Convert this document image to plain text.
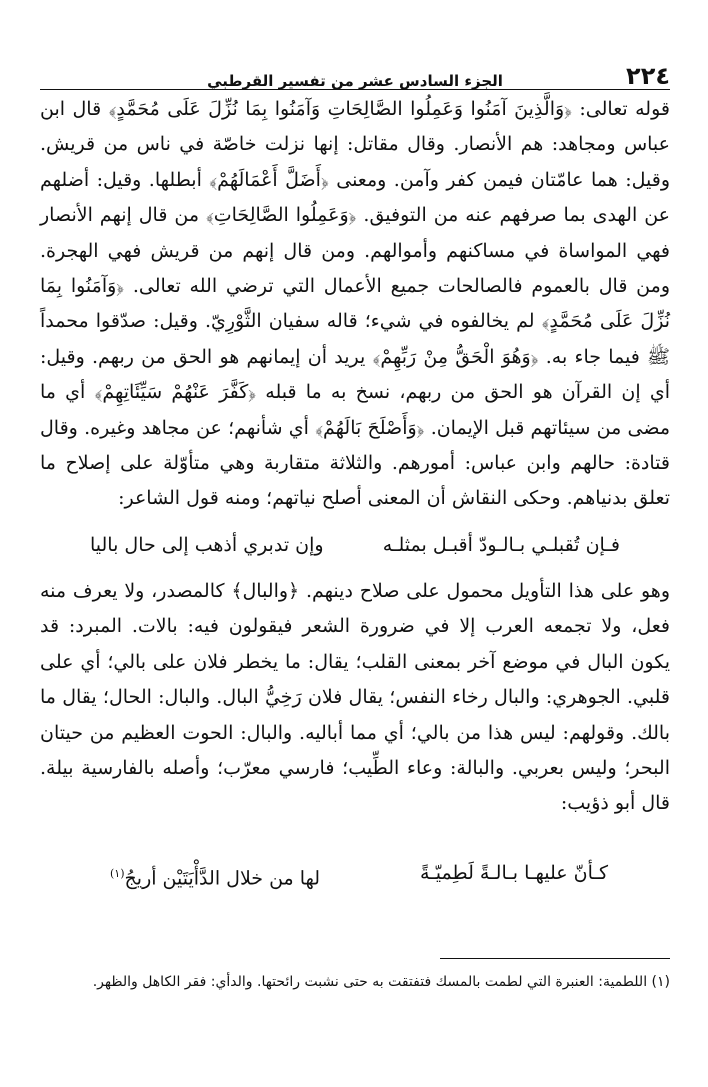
٢٢٤
الجزء السادس عشر من تفسير القرطبي

قوله تعالى: ﴿وَالَّذِينَ آمَنُوا وَعَمِلُوا الصَّالِحَاتِ وَآمَنُوا بِمَا نُزِّلَ عَلَى مُحَمَّدٍ﴾ قال ابن عباس ومجاهد: هم الأنصار. وقال مقاتل: إنها نزلت خاصّة في ناس من قريش. وقيل: هما عامّتان فيمن كفر وآمن. ومعنى ﴿أَضَلَّ أَعْمَالَهُمْ﴾ أبطلها. وقيل: أضلهم عن الهدى بما صرفهم عنه من التوفيق. ﴿وَعَمِلُوا الصَّالِحَاتِ﴾ من قال إنهم الأنصار فهي المواساة في مساكنهم وأموالهم. ومن قال إنهم من قريش فهي الهجرة. ومن قال بالعموم فالصالحات جميع الأعمال التي ترضي الله تعالى. ﴿وَآمَنُوا بِمَا نُزِّلَ عَلَى مُحَمَّدٍ﴾ لم يخالفوه في شيء؛ قاله سفيان الثَّوْرِيّ. وقيل: صدّقوا محمداً ﷺ فيما جاء به. ﴿وَهُوَ الْحَقُّ مِنْ رَبِّهِمْ﴾ يريد أن إيمانهم هو الحق من ربهم. وقيل: أي إن القرآن هو الحق من ربهم، نسخ به ما قبله ﴿كَفَّرَ عَنْهُمْ سَيِّئَاتِهِمْ﴾ أي ما مضى من سيئاتهم قبل الإيمان. ﴿وَأَصْلَحَ بَالَهُمْ﴾ أي شأنهم؛ عن مجاهد وغيره. وقال قتادة: حالهم وابن عباس: أمورهم. والثلاثة متقاربة وهي متأوّلة على إصلاح ما تعلق بدنياهم. وحكى النقاش أن المعنى أصلح نياتهم؛ ومنه قول الشاعر:

فـإن تُقبلـي بـالـودّ أقبـل بمثلـه
وإن تدبري أذهب إلى حال باليا

وهو على هذا التأويل محمول على صلاح دينهم. ﴿والبال﴾ كالمصدر، ولا يعرف منه فعل، ولا تجمعه العرب إلا في ضرورة الشعر فيقولون فيه: بالات. المبرد: قد يكون البال في موضع آخر بمعنى القلب؛ يقال: ما يخطر فلان على بالي؛ أي على قلبي. الجوهري: والبال رخاء النفس؛ يقال فلان رَخِيُّ البال. والبال: الحال؛ يقال ما بالك. وقولهم: ليس هذا من بالي؛ أي مما أباليه. والبال: الحوت العظيم من حيتان البحر؛ وليس بعربي. والبالة: وعاء الطِّيب؛ فارسي معرّب؛ وأصله بالفارسية بيلة. قال أبو ذؤيب:

كـأنّ عليهـا بـالـةً لَطِميّـةً
لها من خلال الدَّأْيَتَيْن أريجُ$^{(١)}$
(١) اللطمية: العنبرة التي لطمت بالمسك فتفتقت به حتى نشبت رائحتها. والدأي: فقر الكاهل والظهر.
